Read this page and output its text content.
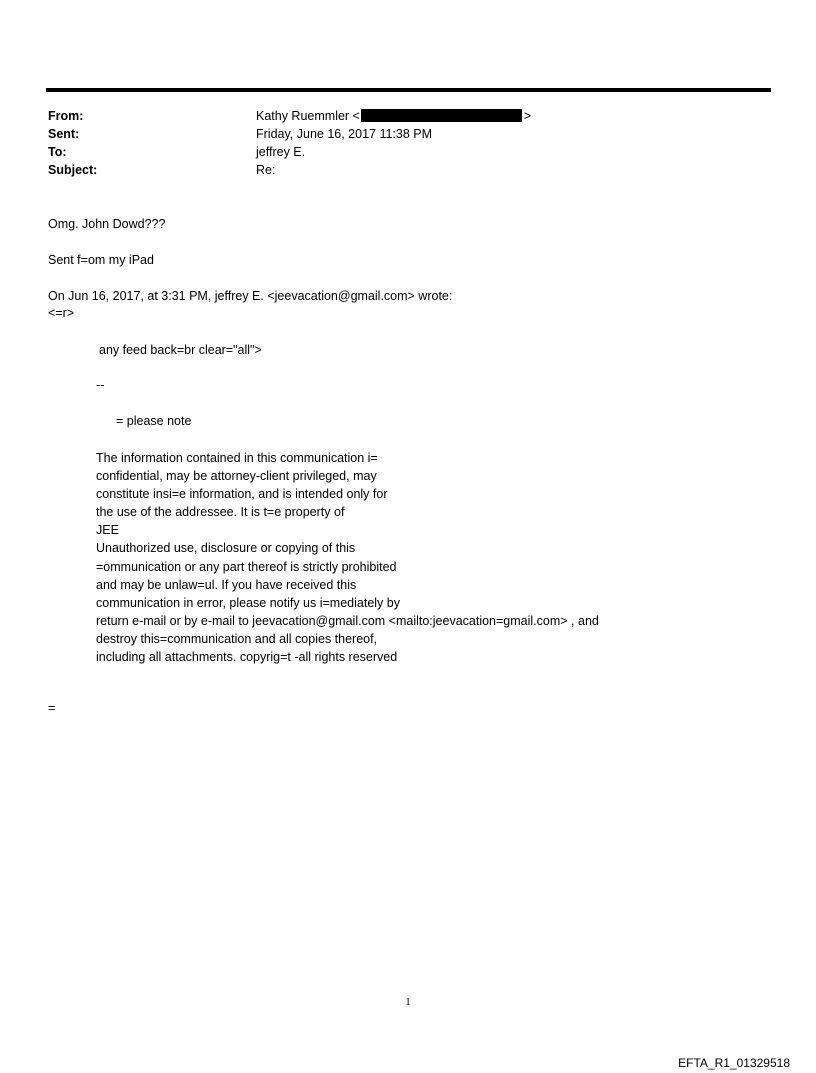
From:	Kathy Ruemmler <	>
Sent:	Friday, June 16, 2017 11:38 PM
To:	jeffrey E.
Subject:	Re:
Omg. John Dowd???
Sent f=om my iPad
On Jun 16, 2017, at 3:31 PM, jeffrey E. <jeevacation@gmail.com> wrote:
<=r>
any feed back=br clear="all">
--
= please note
The information contained in this communication i=
confidential, may be attorney-client privileged, may
constitute insi=e information, and is intended only for
the use of the addressee. It is t=e property of
JEE
Unauthorized use, disclosure or copying of this
=ommunication or any part thereof is strictly prohibited
and may be unlaw=ul. If you have received this
communication in error, please notify us i=mediately by
return e-mail or by e-mail to jeevacation@gmail.com <mailto:jeevacation=gmail.com> , and
destroy this=communication and all copies thereof,
including all attachments. copyrig=t -all rights reserved
=
1
EFTA_R1_01329518
